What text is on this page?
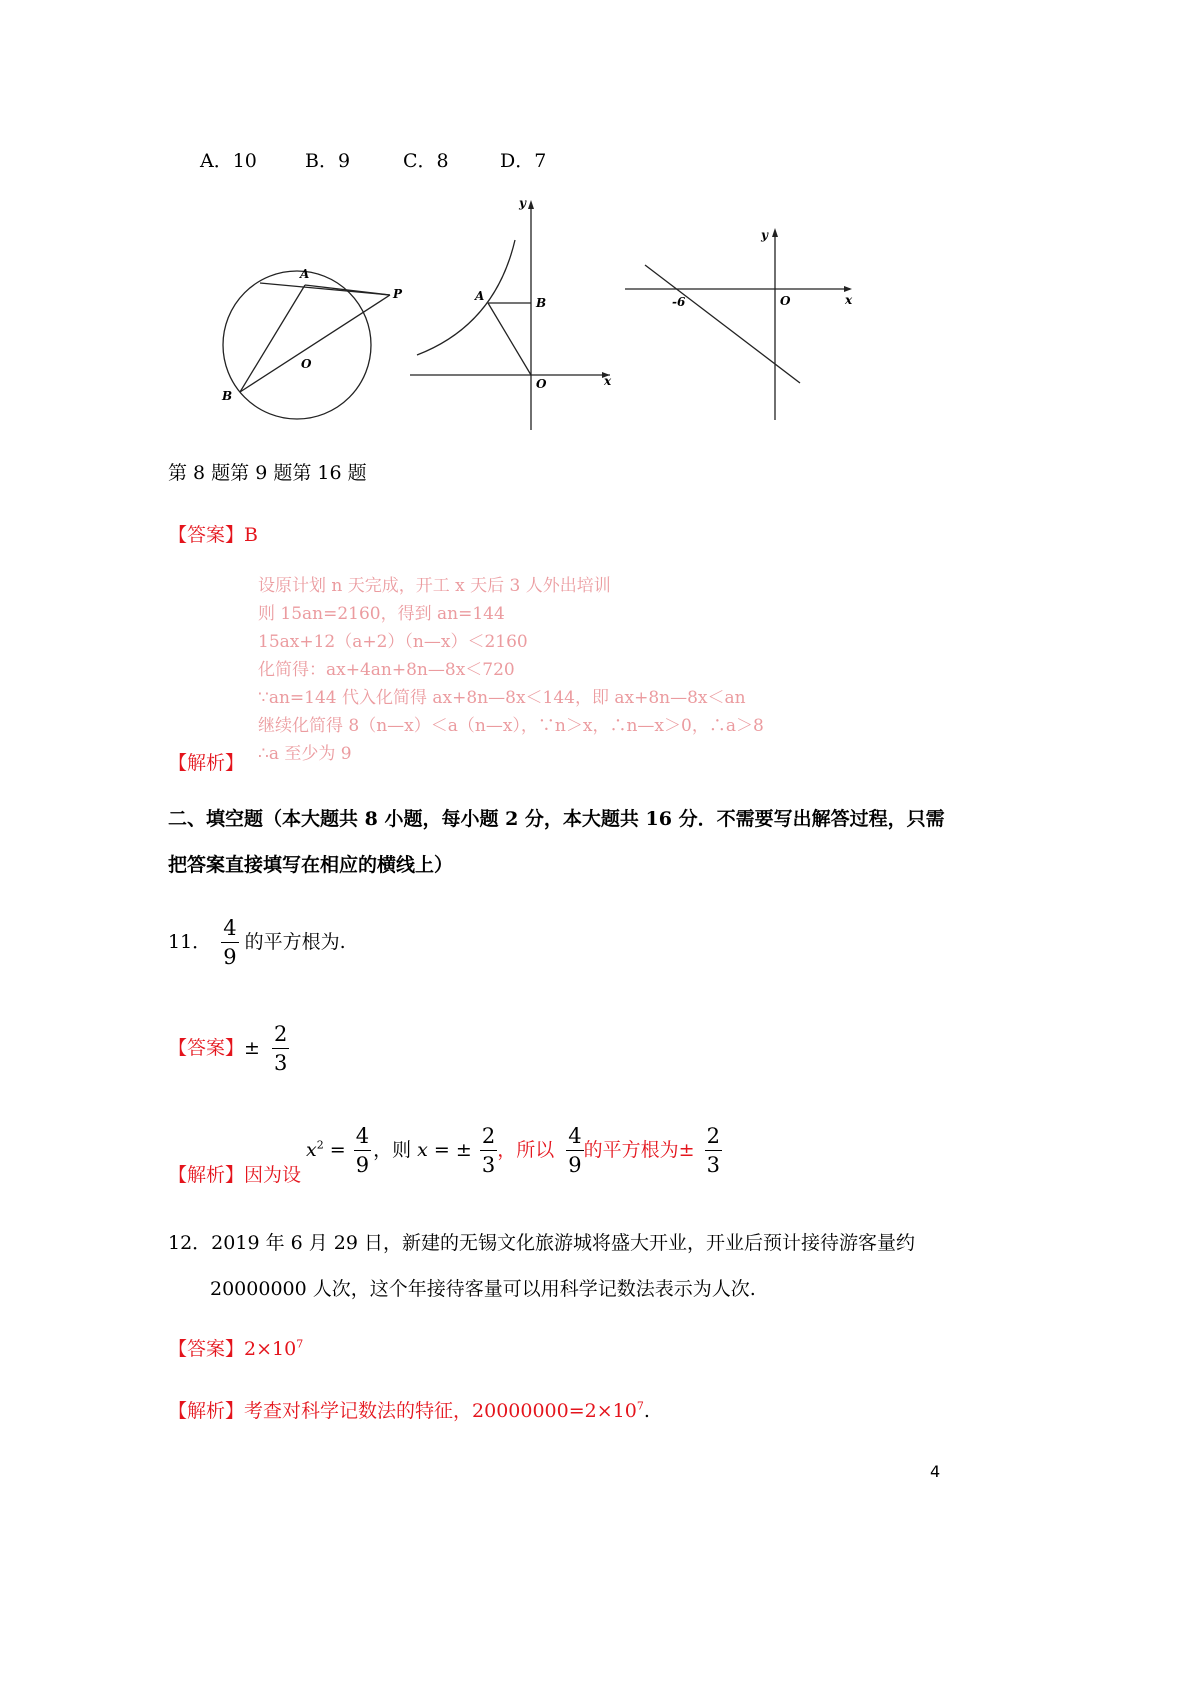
A．10	B．9	C．8	D．7
A
P
O
B
y
A	B
O	x
y
-6	O	x
第 8 题第 9 题第 16 题
【答案】B
设原计划 n 天完成，开工 x 天后 3 人外出培训
则 15an=2160，得到 an=144
15ax+12（a+2）（n—x）＜2160
化简得：ax+4an+8n—8x＜720
∵an=144 代入化简得 ax+8n—8x＜144，即 ax+8n—8x＜an
继续化简得 8（n—x）＜a（n—x），∵n＞x，∴n—x＞0，∴a＞8
∴a 至少为 9
【解析】
二、填空题（本大题共 8 小题，每小题 2 分，本大题共 16 分．不需要写出解答过程，只需
把答案直接填写在相应的横线上）
11． $\frac{4}{9}$ 的平方根为.
【答案】± $\frac{2}{3}$
【解析】因为设
$x^2 = \frac{4}{9}$ ，则 x = ± $\frac{2}{3}$ ，所以 $\frac{4}{9}$ 的平方根为± $\frac{2}{3}$
12．2019 年 6 月 29 日，新建的无锡文化旅游城将盛大开业，开业后预计接待游客量约
20000000 人次，这个年接待客量可以用科学记数法表示为人次.
【答案】$2\times 10^7$
【解析】考查对科学记数法的特征，$20000000=2\times 10^7$.
4
